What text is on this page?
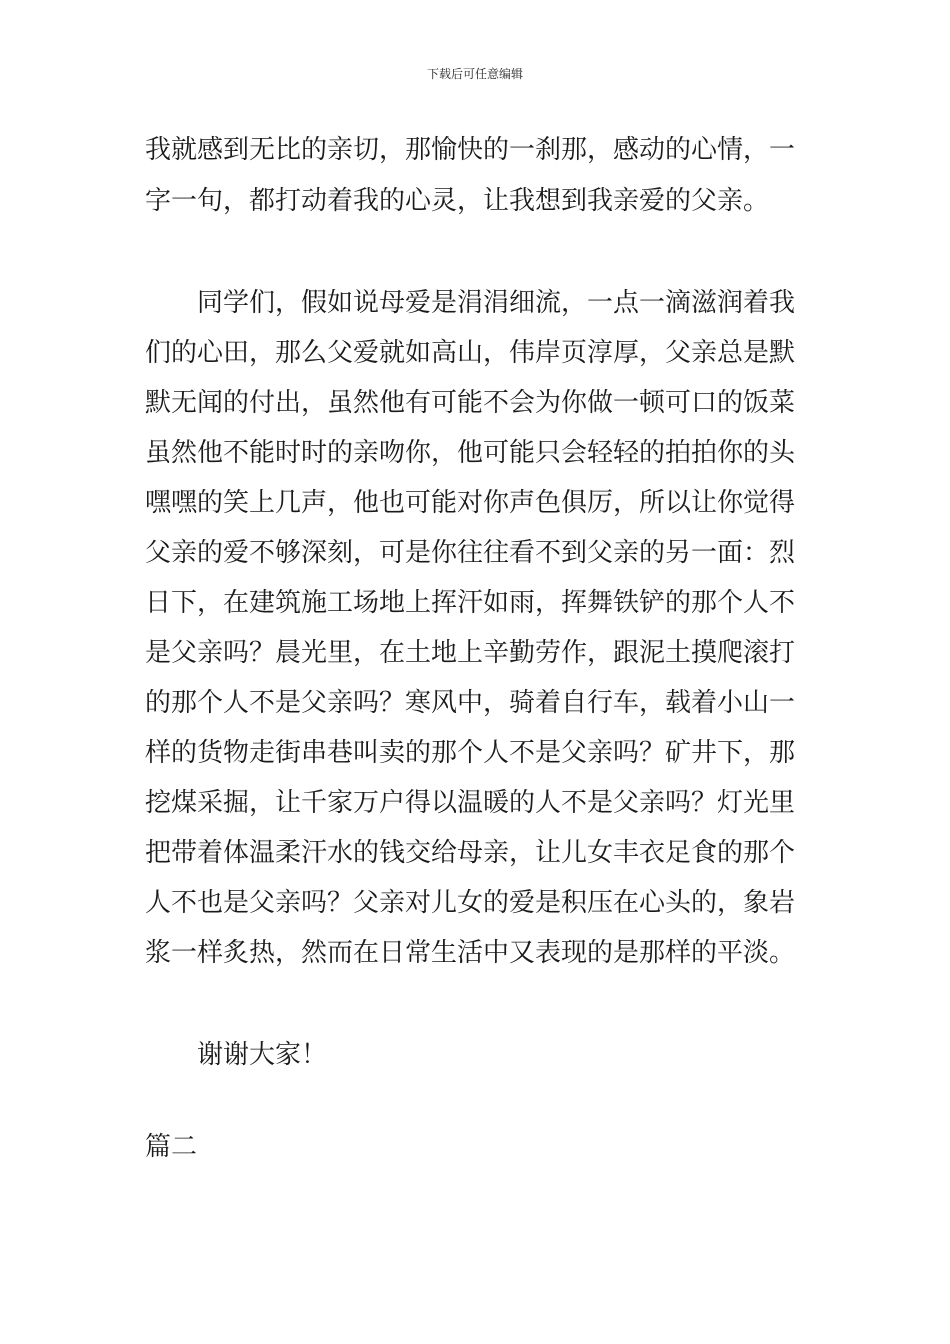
下载后可任意编辑
我就感到无比的亲切，那愉快的一刹那，感动的心情，一
字一句，都打动着我的心灵，让我想到我亲爱的父亲。
　　同学们，假如说母爱是涓涓细流，一点一滴滋润着我
们的心田，那么父爱就如高山，伟岸页淳厚，父亲总是默
默无闻的付出，虽然他有可能不会为你做一顿可口的饭菜
虽然他不能时时的亲吻你，他可能只会轻轻的拍拍你的头
嘿嘿的笑上几声，他也可能对你声色俱厉，所以让你觉得
父亲的爱不够深刻，可是你往往看不到父亲的另一面：烈
日下，在建筑施工场地上挥汗如雨，挥舞铁铲的那个人不
是父亲吗？晨光里，在土地上辛勤劳作，跟泥土摸爬滚打
的那个人不是父亲吗？寒风中，骑着自行车，载着小山一
样的货物走街串巷叫卖的那个人不是父亲吗？矿井下，那
挖煤采掘，让千家万户得以温暖的人不是父亲吗？灯光里
把带着体温柔汗水的钱交给母亲，让儿女丰衣足食的那个
人不也是父亲吗？父亲对儿女的爱是积压在心头的，象岩
浆一样炙热，然而在日常生活中又表现的是那样的平淡。
　　谢谢大家！
篇二
